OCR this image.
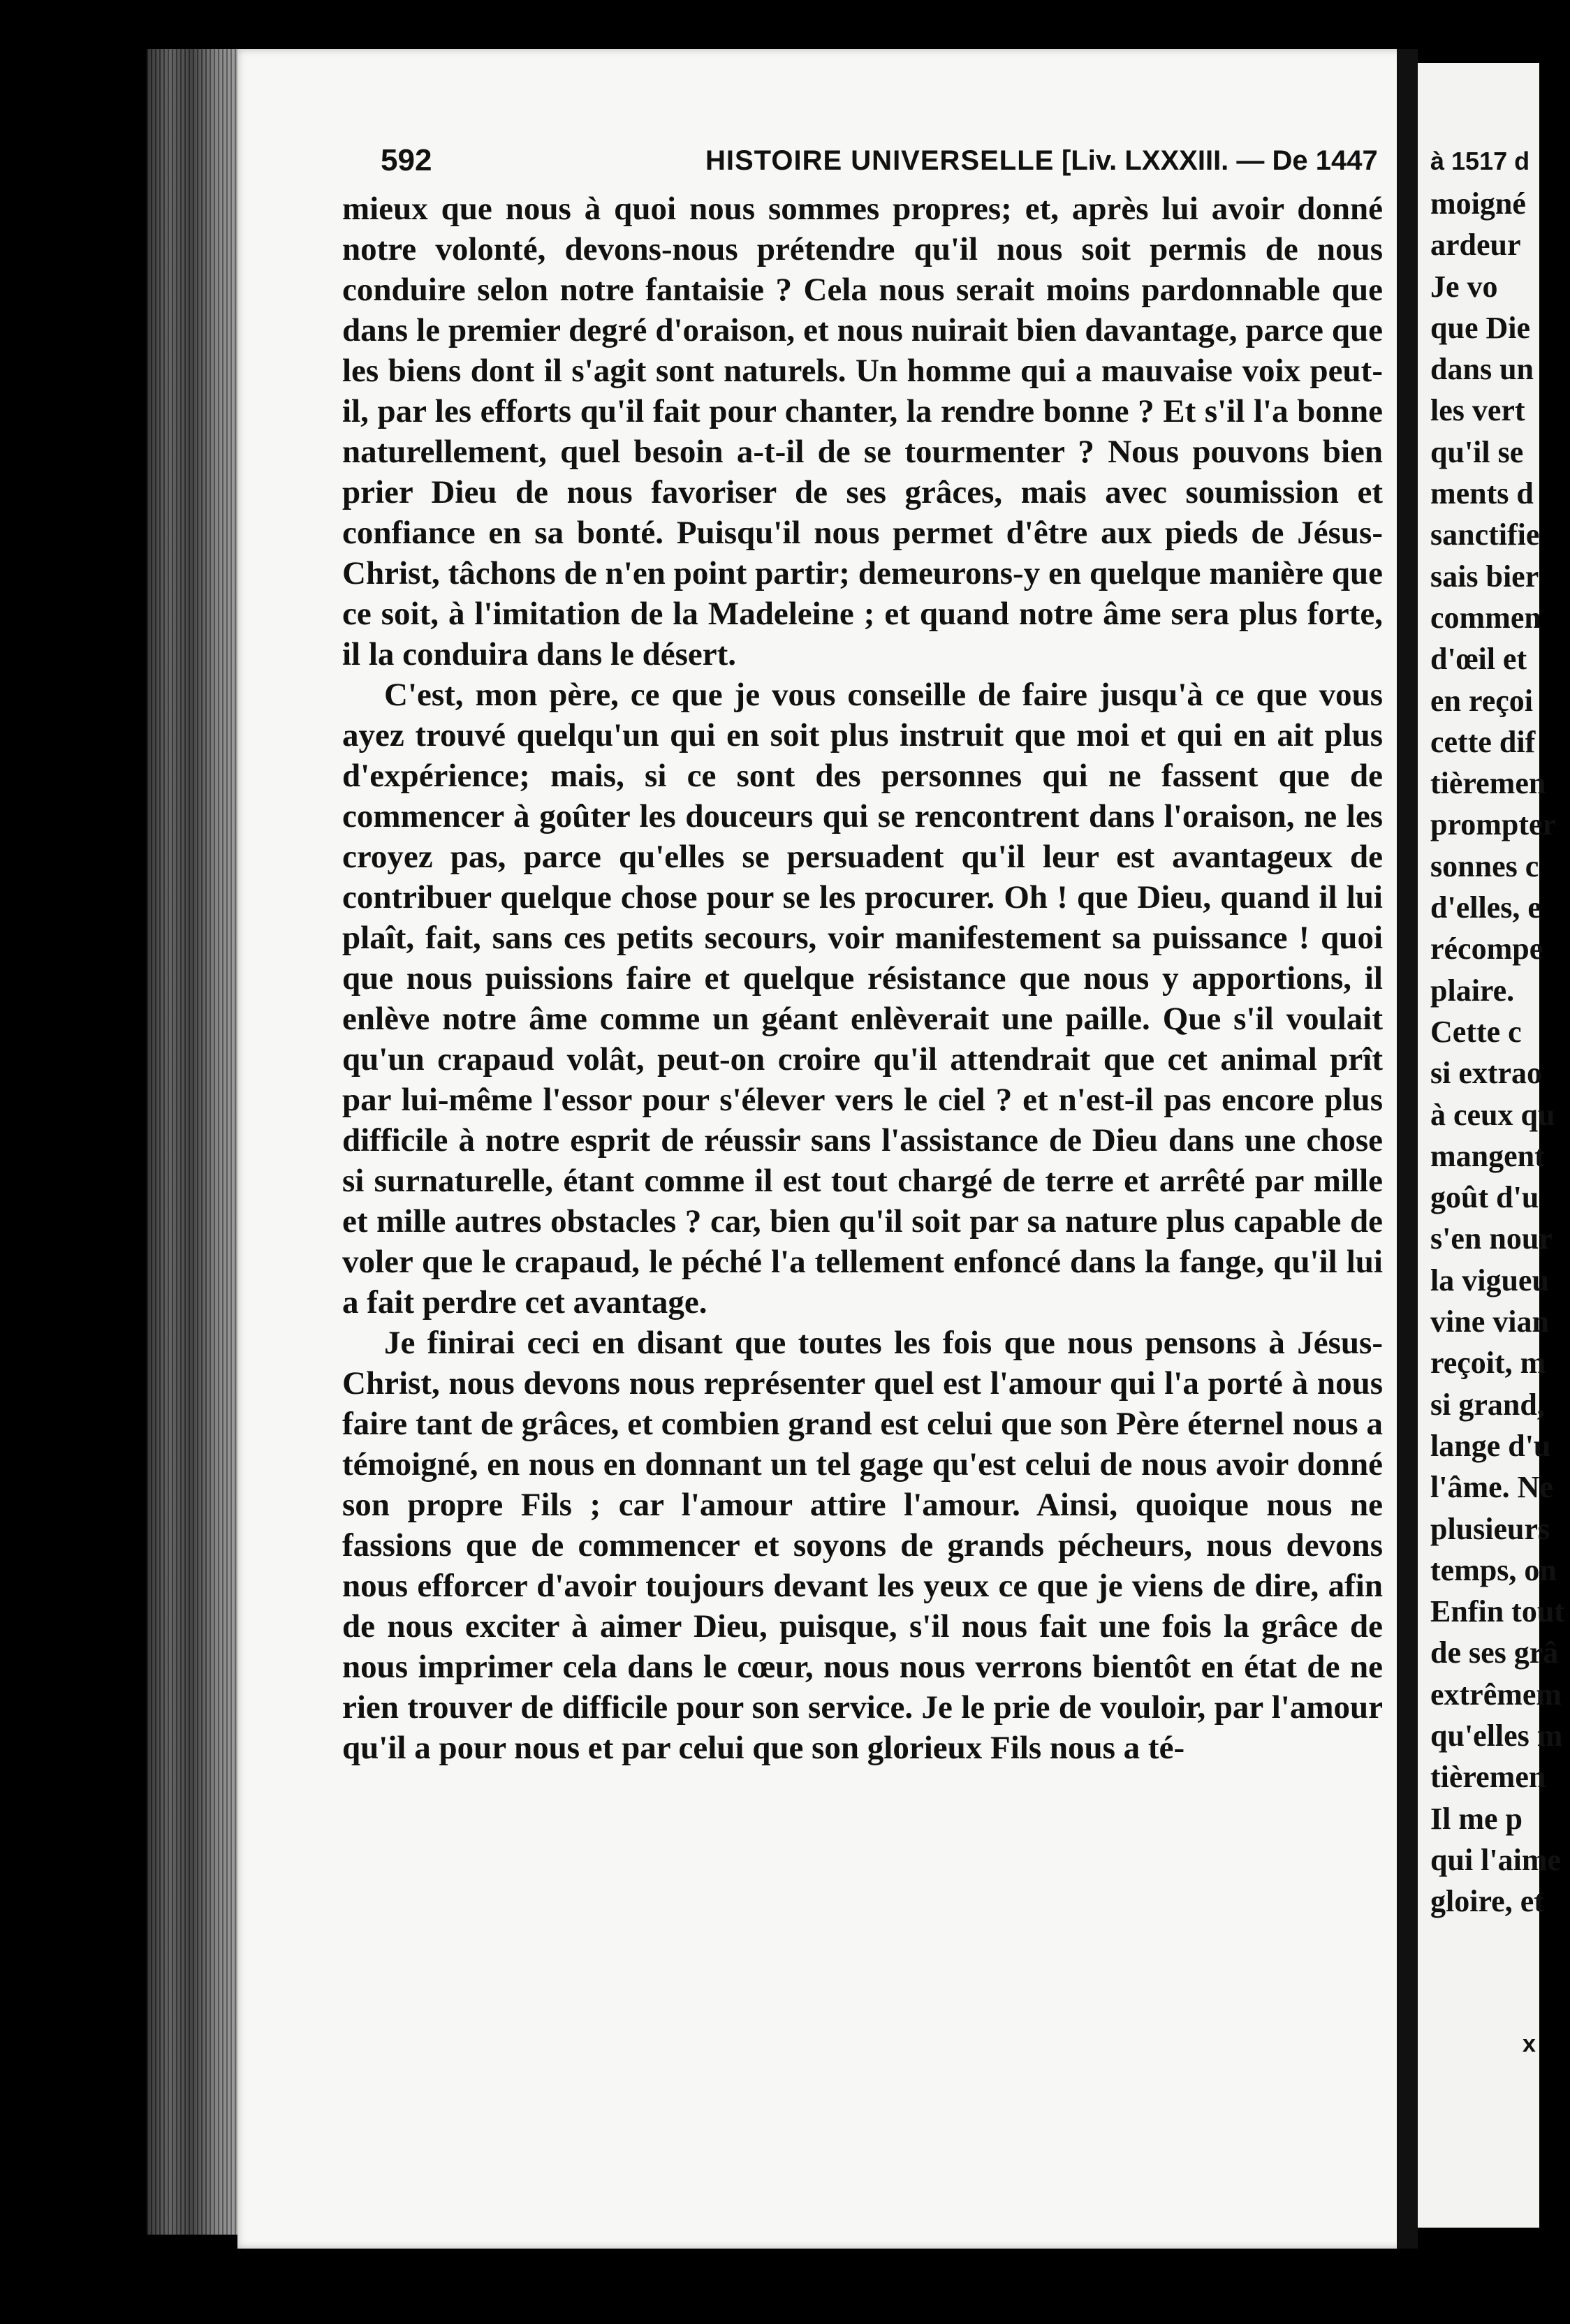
592	HISTOIRE UNIVERSELLE [Liv. LXXXIII. — De 1447

mieux que nous à quoi nous sommes propres; et, après lui avoir donné notre volonté, devons-nous prétendre qu'il nous soit permis de nous conduire selon notre fantaisie ? Cela nous serait moins pardonnable que dans le premier degré d'oraison, et nous nuirait bien davantage, parce que les biens dont il s'agit sont naturels. Un homme qui a mauvaise voix peut-il, par les efforts qu'il fait pour chanter, la rendre bonne ? Et s'il l'a bonne naturellement, quel besoin a-t-il de se tourmenter ? Nous pouvons bien prier Dieu de nous favoriser de ses grâces, mais avec soumission et confiance en sa bonté. Puisqu'il nous permet d'être aux pieds de Jésus-Christ, tâchons de n'en point partir; demeurons-y en quelque manière que ce soit, à l'imitation de la Madeleine ; et quand notre âme sera plus forte, il la conduira dans le désert.

C'est, mon père, ce que je vous conseille de faire jusqu'à ce que vous ayez trouvé quelqu'un qui en soit plus instruit que moi et qui en ait plus d'expérience; mais, si ce sont des personnes qui ne fassent que de commencer à goûter les douceurs qui se rencontrent dans l'oraison, ne les croyez pas, parce qu'elles se persuadent qu'il leur est avantageux de contribuer quelque chose pour se les procurer. Oh ! que Dieu, quand il lui plaît, fait, sans ces petits secours, voir manifestement sa puissance ! quoi que nous puissions faire et quelque résistance que nous y apportions, il enlève notre âme comme un géant enlèverait une paille. Que s'il voulait qu'un crapaud volât, peut-on croire qu'il attendrait que cet animal prît par lui-même l'essor pour s'élever vers le ciel ? et n'est-il pas encore plus difficile à notre esprit de réussir sans l'assistance de Dieu dans une chose si surnaturelle, étant comme il est tout chargé de terre et arrêté par mille et mille autres obstacles ? car, bien qu'il soit par sa nature plus capable de voler que le crapaud, le péché l'a tellement enfoncé dans la fange, qu'il lui a fait perdre cet avantage.

Je finirai ceci en disant que toutes les fois que nous pensons à Jésus-Christ, nous devons nous représenter quel est l'amour qui l'a porté à nous faire tant de grâces, et combien grand est celui que son Père éternel nous a témoigné, en nous en donnant un tel gage qu'est celui de nous avoir donné son propre Fils ; car l'amour attire l'amour. Ainsi, quoique nous ne fassions que de commencer et soyons de grands pécheurs, nous devons nous efforcer d'avoir toujours devant les yeux ce que je viens de dire, afin de nous exciter à aimer Dieu, puisque, s'il nous fait une fois la grâce de nous imprimer cela dans le cœur, nous nous verrons bientôt en état de ne rien trouver de difficile pour son service. Je le prie de vouloir, par l'amour qu'il a pour nous et par celui que son glorieux Fils nous a té-

à 1517 d
moigné
ardeur
Je vo
que Die
dans un
les vert
qu'il se
ments d
sanctifie
sais bier
commen
d'œil et
en reçoi
cette dif
tièremen
prompter
sonnes c
d'elles, e
récompe
plaire.
Cette c
si extrao
à ceux qu
mangent
goût d'u
s'en nour
la vigueu
vine vian
reçoit, m
si grand,
lange d'u
l'âme. Ne
plusieurs
temps, on
Enfin tout
de ses grâ
extrêmem
qu'elles m
tièremen
Il me p
qui l'aime
gloire, et
x
